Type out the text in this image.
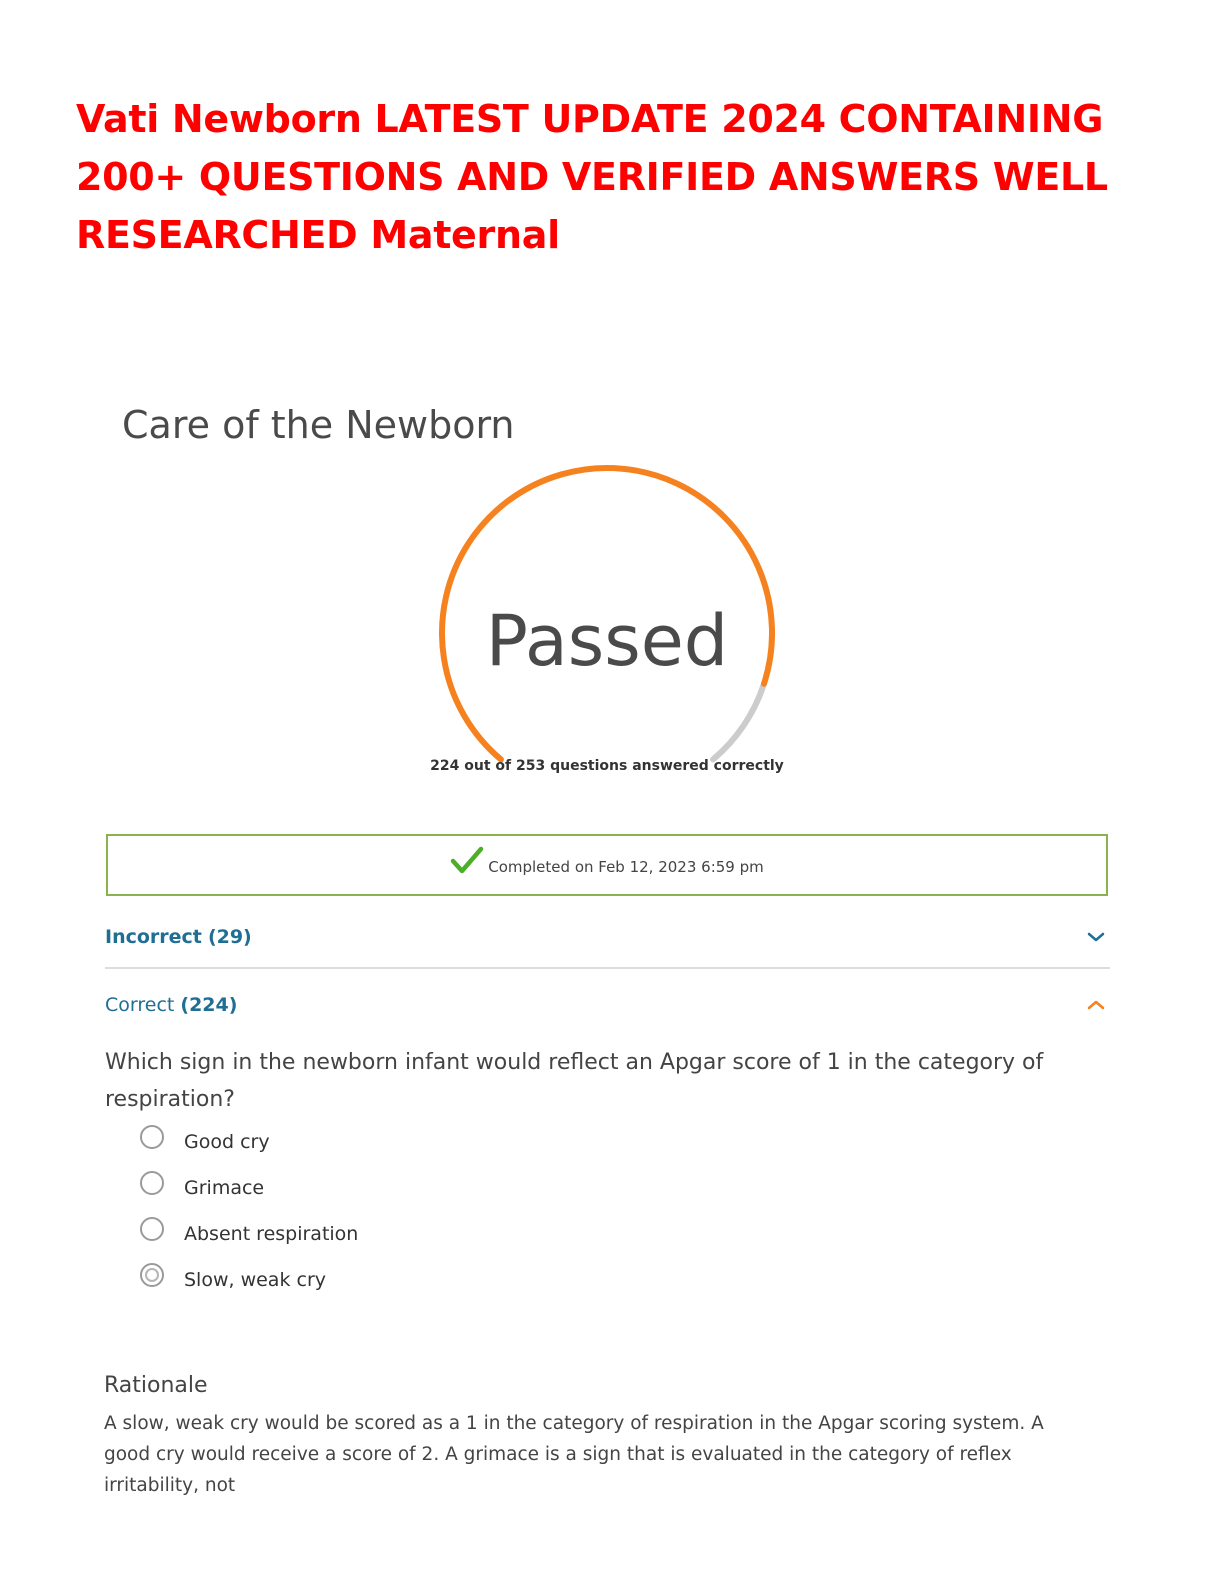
Vati Newborn LATEST UPDATE 2024 CONTAINING 200+ QUESTIONS AND VERIFIED ANSWERS WELL RESEARCHED Maternal
Care of the Newborn
Passed
224 out of 253 questions answered correctly
Completed on Feb 12, 2023 6:59 pm
Incorrect (29)
Correct (224)

Which sign in the newborn infant would reflect an Apgar score of 1 in the category of respiration?

Good cry
Grimace
Absent respiration
Slow, weak cry
Rationale

A slow, weak cry would be scored as a 1 in the category of respiration in the Apgar scoring system. A good cry would receive a score of 2. A grimace is a sign that is evaluated in the category of reflex irritability, not
